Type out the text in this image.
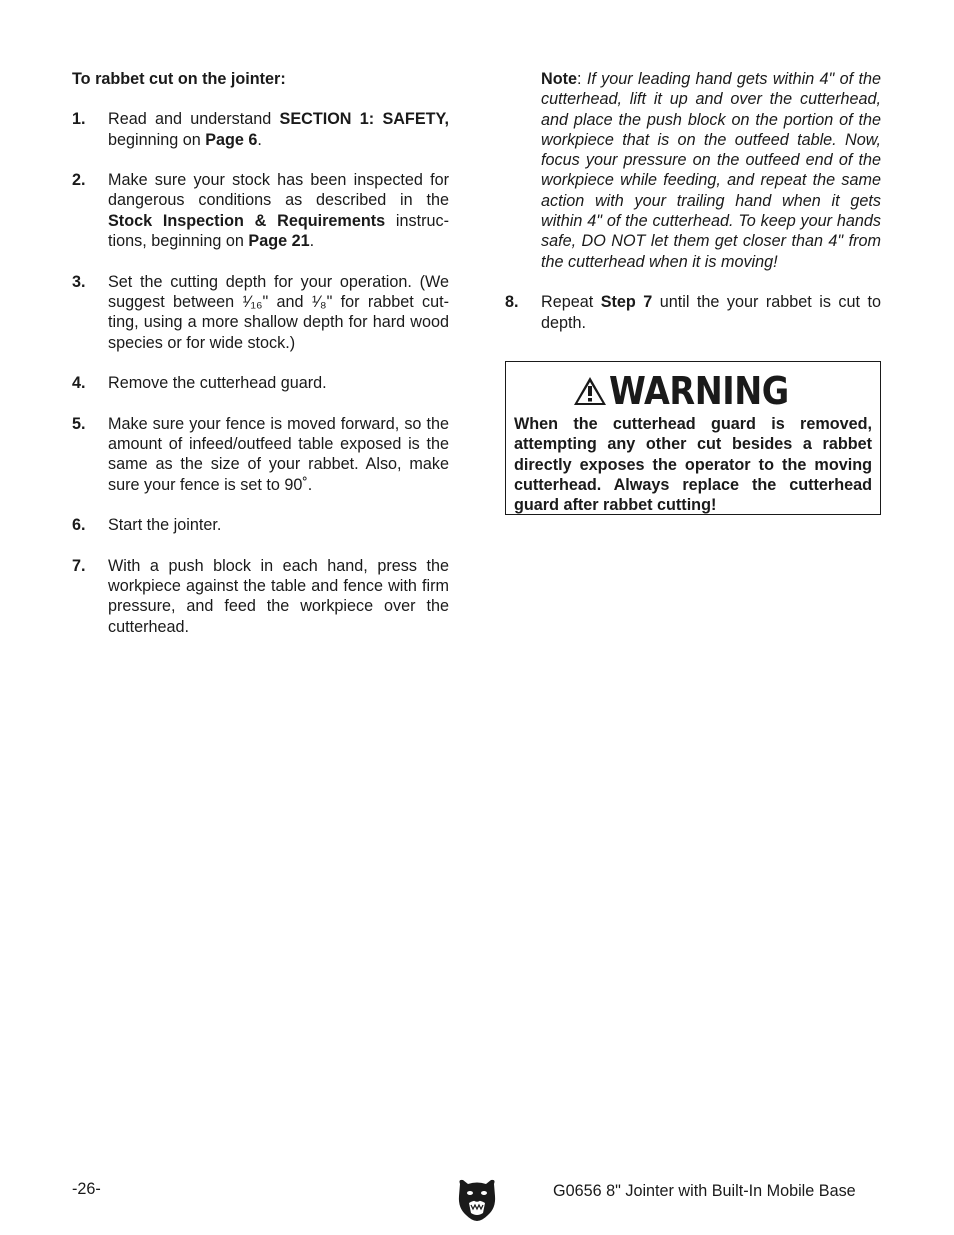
To rabbet cut on the jointer:

1.	Read and understand SECTION 1: SAFETY, beginning on Page 6.
2.	Make sure your stock has been inspected for dangerous conditions as described in the Stock Inspection & Requirements instruc-tions, beginning on Page 21.
3.	Set the cutting depth for your operation. (We suggest between ¹⁄₁₆" and ¹⁄₈" for rabbet cut-ting, using a more shallow depth for hard wood species or for wide stock.)
4.	Remove the cutterhead guard.
5.	Make sure your fence is moved forward, so the amount of infeed/outfeed table exposed is the same as the size of your rabbet. Also, make sure your fence is set to 90˚.
6.	Start the jointer.
7.	With a push block in each hand, press the workpiece against the table and fence with firm pressure, and feed the workpiece over the cutterhead.
Note: If your leading hand gets within 4" of the cutterhead, lift it up and over the cutterhead, and place the push block on the portion of the workpiece that is on the outfeed table. Now, focus your pressure on the outfeed end of the workpiece while feeding, and repeat the same action with your trailing hand when it gets within 4" of the cutterhead. To keep your hands safe, DO NOT let them get closer than 4" from the cutterhead when it is moving!
8.	Repeat Step 7 until the your rabbet is cut to depth.
WARNING
When the cutterhead guard is removed, attempting any other cut besides a rabbet directly exposes the operator to the moving cutterhead. Always replace the cutterhead guard after rabbet cutting!
-26-	G0656 8" Jointer with Built-In Mobile Base
